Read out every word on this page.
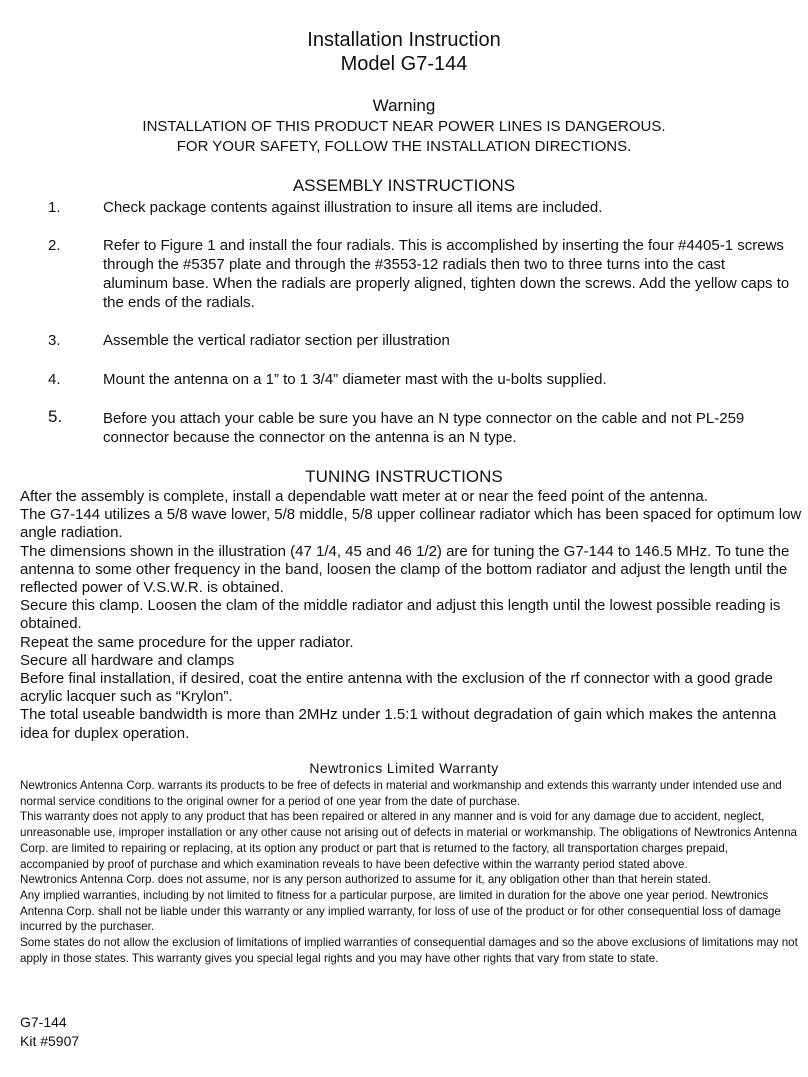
Installation Instruction
Model G7-144
Warning
INSTALLATION OF THIS PRODUCT NEAR POWER LINES IS DANGEROUS.
FOR YOUR SAFETY, FOLLOW THE INSTALLATION DIRECTIONS.
ASSEMBLY INSTRUCTIONS
1.	Check package contents against illustration to insure all items are included.
2.	Refer to Figure 1 and install the four radials. This is accomplished by inserting the four #4405-1 screws through the #5357 plate and through the #3553-12 radials then two to three turns into the cast aluminum base. When the radials are properly aligned, tighten down the screws. Add the yellow caps to the ends of the radials.
3.	Assemble the vertical radiator section per illustration
4.	Mount the antenna on a 1” to 1 3/4” diameter mast with the u-bolts supplied.
5.	Before you attach your cable be sure you have an N type connector on the cable and not PL-259 connector because the connector on the antenna is an N type.
TUNING INSTRUCTIONS

After the assembly is complete, install a dependable watt meter at or near the feed point of the antenna.

The G7-144 utilizes a 5/8 wave lower, 5/8 middle, 5/8 upper collinear radiator which has been spaced for optimum low angle radiation.

The dimensions shown in the illustration (47 1/4, 45 and 46 1/2) are for tuning the G7-144 to 146.5 MHz. To tune the antenna to some other frequency in the band, loosen the clamp of the bottom radiator and adjust the length until the reflected power of V.S.W.R. is obtained.

Secure this clamp. Loosen the clam of the middle radiator and adjust this length until the lowest possible reading is obtained.

Repeat the same procedure for the upper radiator.

Secure all hardware and clamps

Before final installation, if desired, coat the entire antenna with the exclusion of the rf connector with a good grade acrylic lacquer such as “Krylon”.

The total useable bandwidth is more than 2MHz under 1.5:1 without degradation of gain which makes the antenna idea for duplex operation.

Newtronics Limited Warranty

Newtronics Antenna Corp. warrants its products to be free of defects in material and workmanship and extends this warranty under intended use and normal service conditions to the original owner for a period of one year from the date of purchase.

This warranty does not apply to any product that has been repaired or altered in any manner and is void for any damage due to accident, neglect, unreasonable use, improper installation or any other cause not arising out of defects in material or workmanship. The obligations of Newtronics Antenna Corp. are limited to repairing or replacing, at its option any product or part that is returned to the factory, all transportation charges prepaid, accompanied by proof of purchase and which examination reveals to have been defective within the warranty period stated above.

Newtronics Antenna Corp. does not assume, nor is any person authorized to assume for it, any obligation other than that herein stated.

Any implied warranties, including by not limited to fitness for a particular purpose, are limited in duration for the above one year period. Newtronics Antenna Corp. shall not be liable under this warranty or any implied warranty, for loss of use of the product or for other consequential loss of damage incurred by the purchaser.

Some states do not allow the exclusion of limitations of implied warranties of consequential damages and so the above exclusions of limitations may not apply in those states. This warranty gives you special legal rights and you may have other rights that vary from state to state.

G7-144
Kit #5907
